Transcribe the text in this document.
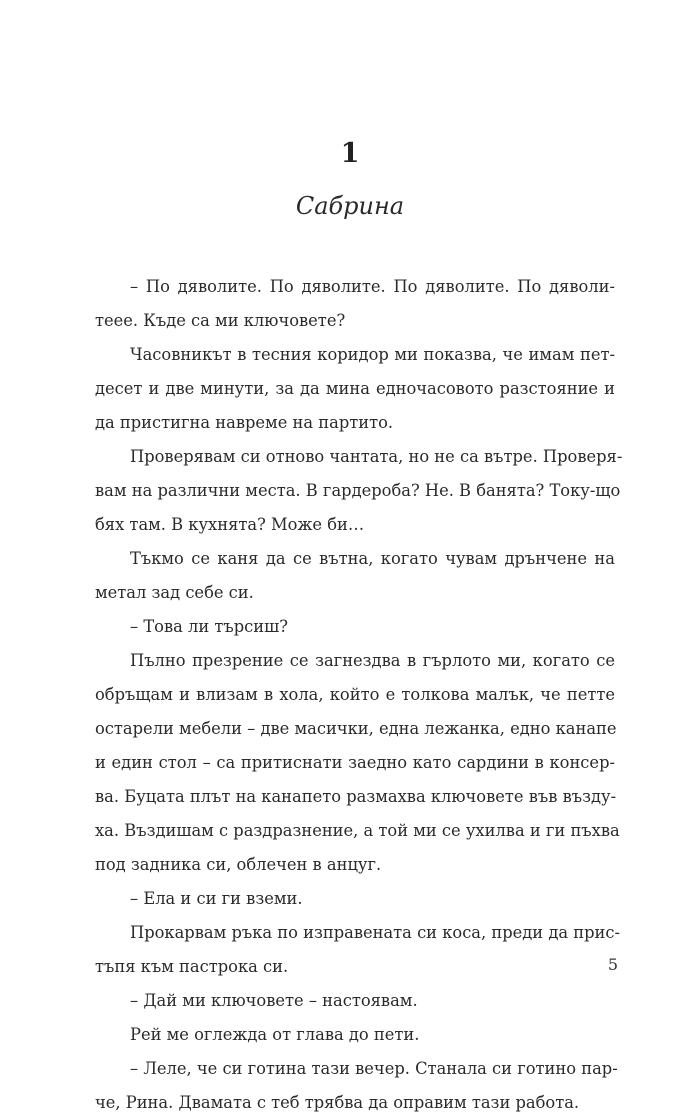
1
Сабрина
– По дяволите. По дяволите. По дяволите. По дяволи-
теее. Къде са ми ключовете?
Часовникът в тесния коридор ми показва, че имам пет-
десет и две минути, за да мина едночасовото разстояние и
да пристигна навреме на партито.
Проверявам си отново чантата, но не са вътре. Проверя-
вам на различни места. В гардероба? Не. В банята? Току-що
бях там. В кухнята? Може би…
Тъкмо се каня да се вътна, когато чувам дрънчене на
метал зад себе си.
– Това ли търсиш?
Пълно презрение се загнездва в гърлото ми, когато се
обръщам и влизам в хола, който е толкова малък, че петте
остарели мебели – две масички, една лежанка, едно канапе
и един стол – са притиснати заедно като сардини в консер-
ва. Буцата плът на канапето размахва ключовете във възду-
ха. Въздишам с раздразнение, а той ми се ухилва и ги пъхва
под задника си, облечен в анцуг.
– Ела и си ги вземи.
Прокарвам ръка по изправената си коса, преди да прис-
тъпя към пастрока си.
– Дай ми ключовете – настоявам.
Рей ме оглежда от глава до пети.
– Леле, че си готина тази вечер. Станала си готино пар-
че, Рина. Двамата с теб трябва да оправим тази работа.
5
